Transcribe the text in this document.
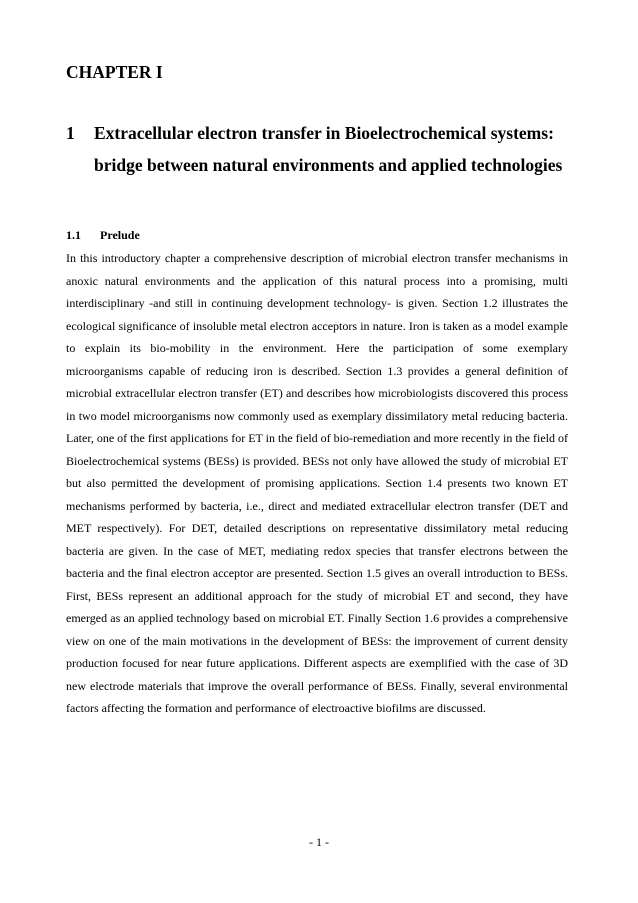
CHAPTER I
1 Extracellular electron transfer in Bioelectrochemical systems: bridge between natural environments and applied technologies
1.1 Prelude

In this introductory chapter a comprehensive description of microbial electron transfer mechanisms in anoxic natural environments and the application of this natural process into a promising, multi interdisciplinary -and still in continuing development technology- is given. Section 1.2 illustrates the ecological significance of insoluble metal electron acceptors in nature. Iron is taken as a model example to explain its bio-mobility in the environment. Here the participation of some exemplary microorganisms capable of reducing iron is described. Section 1.3 provides a general definition of microbial extracellular electron transfer (ET) and describes how microbiologists discovered this process in two model microorganisms now commonly used as exemplary dissimilatory metal reducing bacteria. Later, one of the first applications for ET in the field of bio-remediation and more recently in the field of Bioelectrochemical systems (BESs) is provided. BESs not only have allowed the study of microbial ET but also permitted the development of promising applications. Section 1.4 presents two known ET mechanisms performed by bacteria, i.e., direct and mediated extracellular electron transfer (DET and MET respectively). For DET, detailed descriptions on representative dissimilatory metal reducing bacteria are given. In the case of MET, mediating redox species that transfer electrons between the bacteria and the final electron acceptor are presented. Section 1.5 gives an overall introduction to BESs. First, BESs represent an additional approach for the study of microbial ET and second, they have emerged as an applied technology based on microbial ET. Finally Section 1.6 provides a comprehensive view on one of the main motivations in the development of BESs: the improvement of current density production focused for near future applications. Different aspects are exemplified with the case of 3D new electrode materials that improve the overall performance of BESs. Finally, several environmental factors affecting the formation and performance of electroactive biofilms are discussed.

- 1 -
